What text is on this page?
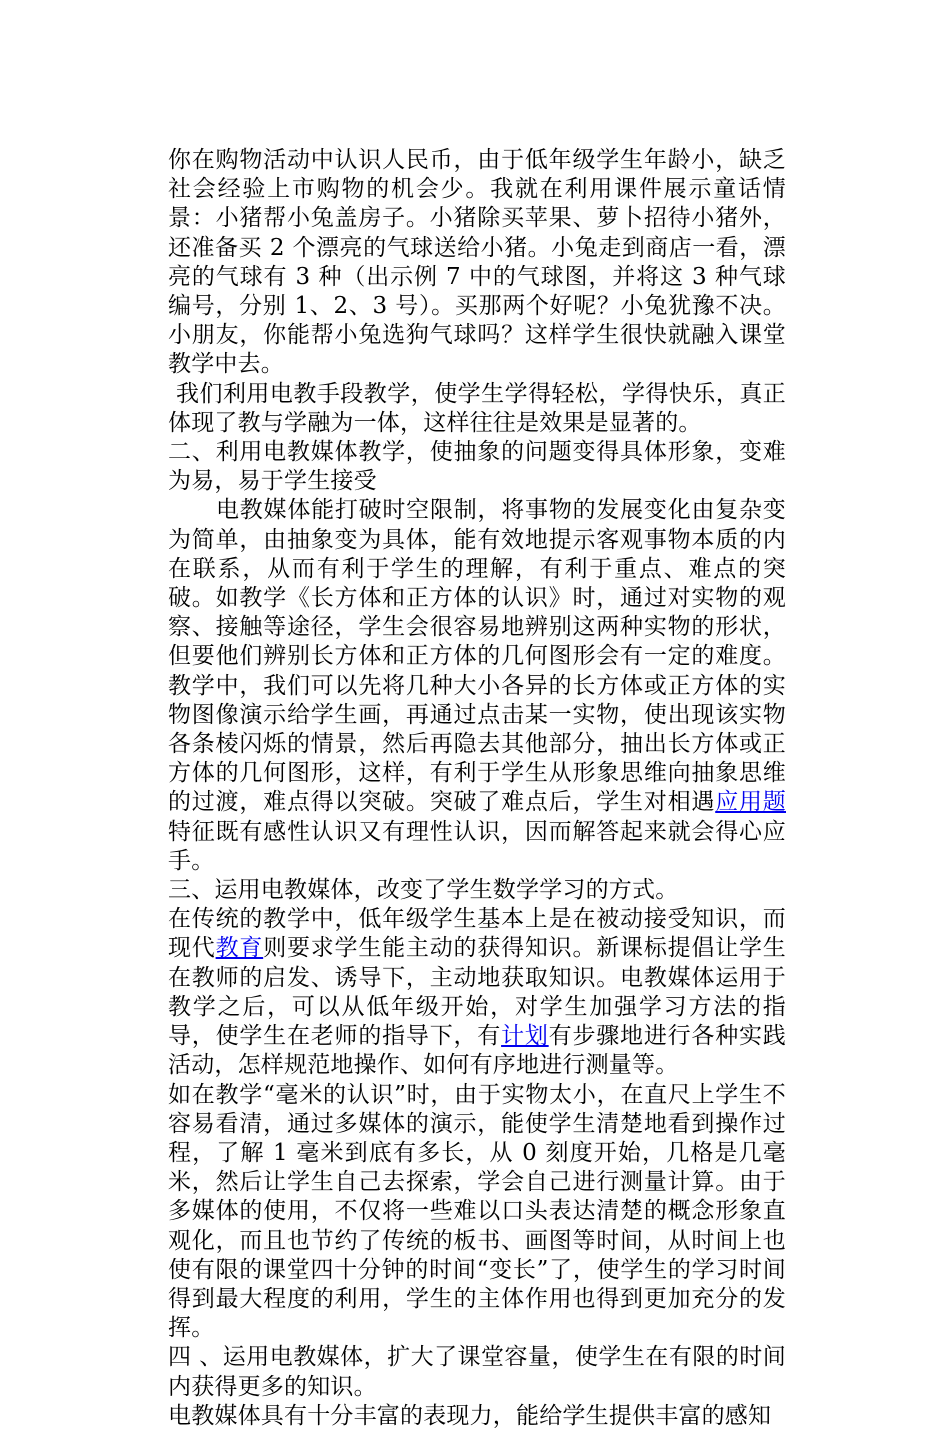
你在购物活动中认识人民币，由于低年级学生年龄小，缺乏社会经验上市购物的机会少。我就在利用课件展示童话情景：小猪帮小兔盖房子。小猪除买苹果、萝卜招待小猪外，还准备买 2 个漂亮的气球送给小猪。小兔走到商店一看，漂亮的气球有 3 种（出示例 7 中的气球图，并将这 3 种气球编号，分别 1、2、3 号）。买那两个好呢？小兔犹豫不决。小朋友，你能帮小兔选狗气球吗？这样学生很快就融入课堂教学中去。

我们利用电教手段教学，使学生学得轻松，学得快乐，真正体现了教与学融为一体，这样往往是效果是显著的。

二、利用电教媒体教学，使抽象的问题变得具体形象，变难为易，易于学生接受

电教媒体能打破时空限制，将事物的发展变化由复杂变为简单，由抽象变为具体，能有效地提示客观事物本质的内在联系，从而有利于学生的理解，有利于重点、难点的突破。如教学《长方体和正方体的认识》时，通过对实物的观察、接触等途径，学生会很容易地辨别这两种实物的形状，但要他们辨别长方体和正方体的几何图形会有一定的难度。教学中，我们可以先将几种大小各异的长方体或正方体的实物图像演示给学生画，再通过点击某一实物，使出现该实物各条棱闪烁的情景，然后再隐去其他部分，抽出长方体或正方体的几何图形，这样，有利于学生从形象思维向抽象思维的过渡，难点得以突破。突破了难点后，学生对相遇应用题特征既有感性认识又有理性认识，因而解答起来就会得心应手。

三、运用电教媒体，改变了学生数学学习的方式。

在传统的教学中，低年级学生基本上是在被动接受知识，而现代教育则要求学生能主动的获得知识。新课标提倡让学生在教师的启发、诱导下，主动地获取知识。电教媒体运用于教学之后，可以从低年级开始，对学生加强学习方法的指导，使学生在老师的指导下，有计划有步骤地进行各种实践活动，怎样规范地操作、如何有序地进行测量等。

如在教学“毫米的认识”时，由于实物太小，在直尺上学生不容易看清，通过多媒体的演示，能使学生清楚地看到操作过程，了解 1 毫米到底有多长，从 0 刻度开始，几格是几毫米，然后让学生自己去探索，学会自己进行测量计算。由于多媒体的使用，不仅将一些难以口头表达清楚的概念形象直观化，而且也节约了传统的板书、画图等时间，从时间上也使有限的课堂四十分钟的时间“变长”了，使学生的学习时间得到最大程度的利用，学生的主体作用也得到更加充分的发挥。

四 、运用电教媒体，扩大了课堂容量，使学生在有限的时间内获得更多的知识。

电教媒体具有十分丰富的表现力，能给学生提供丰富的感知
